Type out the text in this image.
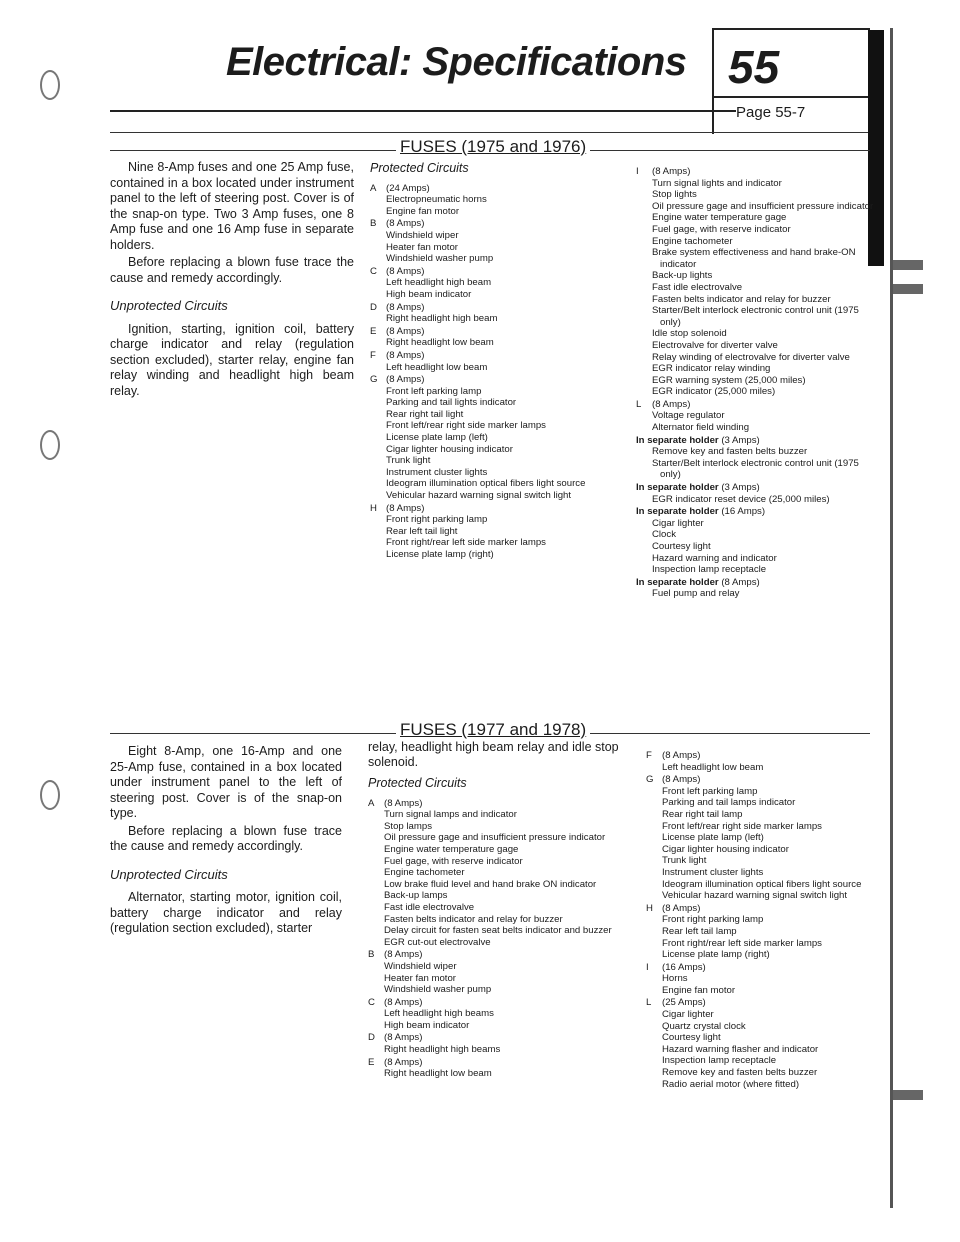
Electrical: Specifications 55
Page 55-7
FUSES (1975 and 1976)

Nine 8-Amp fuses and one 25 Amp fuse, contained in a box located under instrument panel to the left of steering post. Cover is of the snap-on type. Two 3 Amp fuses, one 8 Amp fuse and one 16 Amp fuse in separate holders.

Before replacing a blown fuse trace the cause and remedy accordingly.

Unprotected Circuits

Ignition, starting, ignition coil, battery charge indicator and relay (regulation section excluded), starter relay, engine fan relay winding and headlight high beam relay.

Protected Circuits
A (24 Amps)
Electropneumatic horns
Engine fan motor
B (8 Amps)
Windshield wiper
Heater fan motor
Windshield washer pump
C (8 Amps)
Left headlight high beam
High beam indicator
D (8 Amps)
Right headlight high beam
E (8 Amps)
Right headlight low beam
F (8 Amps)
Left headlight low beam
G (8 Amps)
Front left parking lamp
Parking and tail lights indicator
Rear right tail light
Front left/rear right side marker lamps
License plate lamp (left)
Cigar lighter housing indicator
Trunk light
Instrument cluster lights
Ideogram illumination optical fibers light source
Vehicular hazard warning signal switch light
H (8 Amps)
Front right parking lamp
Rear left tail light
Front right/rear left side marker lamps
License plate lamp (right)
I (8 Amps)
Turn signal lights and indicator
Stop lights
Oil pressure gage and insufficient pressure indicator
Engine water temperature gage
Fuel gage, with reserve indicator
Engine tachometer
Brake system effectiveness and hand brake-ON indicator
Back-up lights
Fast idle electrovalve
Fasten belts indicator and relay for buzzer
Starter/Belt interlock electronic control unit (1975 only)
Idle stop solenoid
Electrovalve for diverter valve
Relay winding of electrovalve for diverter valve
EGR indicator relay winding
EGR warning system (25,000 miles)
EGR indicator (25,000 miles)
L (8 Amps)
Voltage regulator
Alternator field winding
In separate holder (3 Amps)
Remove key and fasten belts buzzer
Starter/Belt interlock electronic control unit (1975 only)
In separate holder (3 Amps)
EGR indicator reset device (25,000 miles)
In separate holder (16 Amps)
Cigar lighter
Clock
Courtesy light
Hazard warning and indicator
Inspection lamp receptacle
In separate holder (8 Amps)
Fuel pump and relay
FUSES (1977 and 1978)

Eight 8-Amp, one 16-Amp and one 25-Amp fuse, contained in a box located under instrument panel to the left of steering post. Cover is of the snap-on type.

Before replacing a blown fuse trace the cause and remedy accordingly.

Unprotected Circuits

Alternator, starting motor, ignition coil, battery charge indicator and relay (regulation section excluded), starter

relay, headlight high beam relay and idle stop solenoid.
Protected Circuits
A (8 Amps)
Turn signal lamps and indicator
Stop lamps
Oil pressure gage and insufficient pressure indicator
Engine water temperature gage
Fuel gage, with reserve indicator
Engine tachometer
Low brake fluid level and hand brake ON indicator
Back-up lamps
Fast idle electrovalve
Fasten belts indicator and relay for buzzer
Delay circuit for fasten seat belts indicator and buzzer
EGR cut-out electrovalve
B (8 Amps)
Windshield wiper
Heater fan motor
Windshield washer pump
C (8 Amps)
Left headlight high beams
High beam indicator
D (8 Amps)
Right headlight high beams
E (8 Amps)
Right headlight low beam
F (8 Amps)
Left headlight low beam
G (8 Amps)
Front left parking lamp
Parking and tail lamps indicator
Rear right tail lamp
Front left/rear right side marker lamps
License plate lamp (left)
Cigar lighter housing indicator
Trunk light
Instrument cluster lights
Ideogram illumination optical fibers light source
Vehicular hazard warning signal switch light
H (8 Amps)
Front right parking lamp
Rear left tail lamp
Front right/rear left side marker lamps
License plate lamp (right)
I (16 Amps)
Horns
Engine fan motor
L (25 Amps)
Cigar lighter
Quartz crystal clock
Courtesy light
Hazard warning flasher and indicator
Inspection lamp receptacle
Remove key and fasten belts buzzer
Radio aerial motor (where fitted)
